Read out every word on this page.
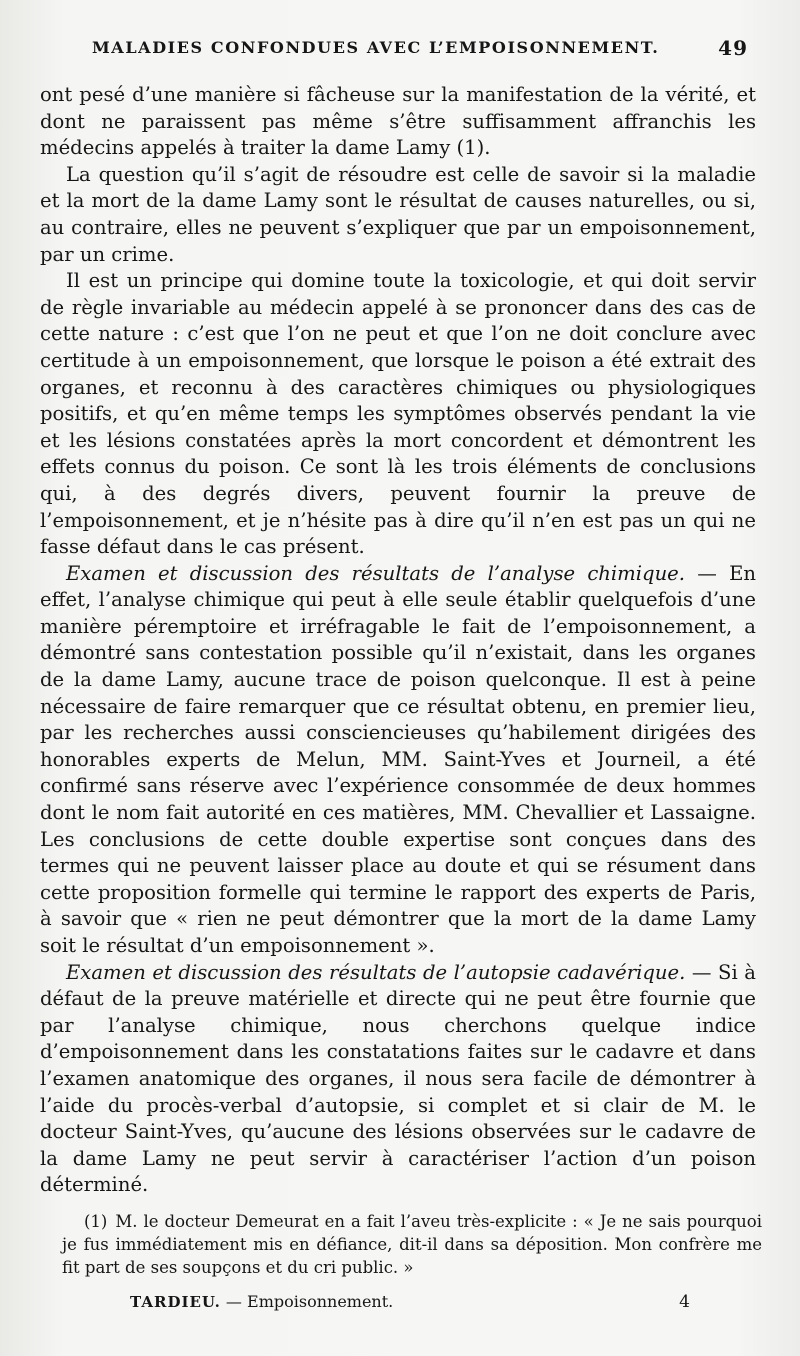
MALADIES CONFONDUES AVEC L’EMPOISONNEMENT.	49

ont pesé d’une manière si fâcheuse sur la manifestation de la vérité, et dont ne paraissent pas même s’être suffisamment affranchis les médecins appelés à traiter la dame Lamy (1).

La question qu’il s’agit de résoudre est celle de savoir si la maladie et la mort de la dame Lamy sont le résultat de causes naturelles, ou si, au contraire, elles ne peuvent s’expliquer que par un empoisonnement, par un crime.

Il est un principe qui domine toute la toxicologie, et qui doit servir de règle invariable au médecin appelé à se prononcer dans des cas de cette nature : c’est que l’on ne peut et que l’on ne doit conclure avec certitude à un empoisonnement, que lorsque le poison a été extrait des organes, et reconnu à des caractères chimiques ou physiologiques positifs, et qu’en même temps les symptômes observés pendant la vie et les lésions constatées après la mort concordent et démontrent les effets connus du poison. Ce sont là les trois éléments de conclusions qui, à des degrés divers, peuvent fournir la preuve de l’empoisonnement, et je n’hésite pas à dire qu’il n’en est pas un qui ne fasse défaut dans le cas présent.

Examen et discussion des résultats de l’analyse chimique. — En effet, l’analyse chimique qui peut à elle seule établir quelquefois d’une manière péremptoire et irréfragable le fait de l’empoisonnement, a démontré sans contestation possible qu’il n’existait, dans les organes de la dame Lamy, aucune trace de poison quelconque. Il est à peine nécessaire de faire remarquer que ce résultat obtenu, en premier lieu, par les recherches aussi consciencieuses qu’habilement dirigées des honorables experts de Melun, MM. Saint-Yves et Journeil, a été confirmé sans réserve avec l’expérience consommée de deux hommes dont le nom fait autorité en ces matières, MM. Chevallier et Lassaigne. Les conclusions de cette double expertise sont conçues dans des termes qui ne peuvent laisser place au doute et qui se résument dans cette proposition formelle qui termine le rapport des experts de Paris, à savoir que « rien ne peut démontrer que la mort de la dame Lamy soit le résultat d’un empoisonnement ».

Examen et discussion des résultats de l’autopsie cadavérique. — Si à défaut de la preuve matérielle et directe qui ne peut être fournie que par l’analyse chimique, nous cherchons quelque indice d’empoisonnement dans les constatations faites sur le cadavre et dans l’examen anatomique des organes, il nous sera facile de démontrer à l’aide du procès-verbal d’autopsie, si complet et si clair de M. le docteur Saint-Yves, qu’aucune des lésions observées sur le cadavre de la dame Lamy ne peut servir à caractériser l’action d’un poison déterminé.

(1) M. le docteur Demeurat en a fait l’aveu très-explicite : « Je ne sais pourquoi je fus immédiatement mis en défiance, dit-il dans sa déposition. Mon confrère me fit part de ses soupçons et du cri public. »
TARDIEU. — Empoisonnement.	4
